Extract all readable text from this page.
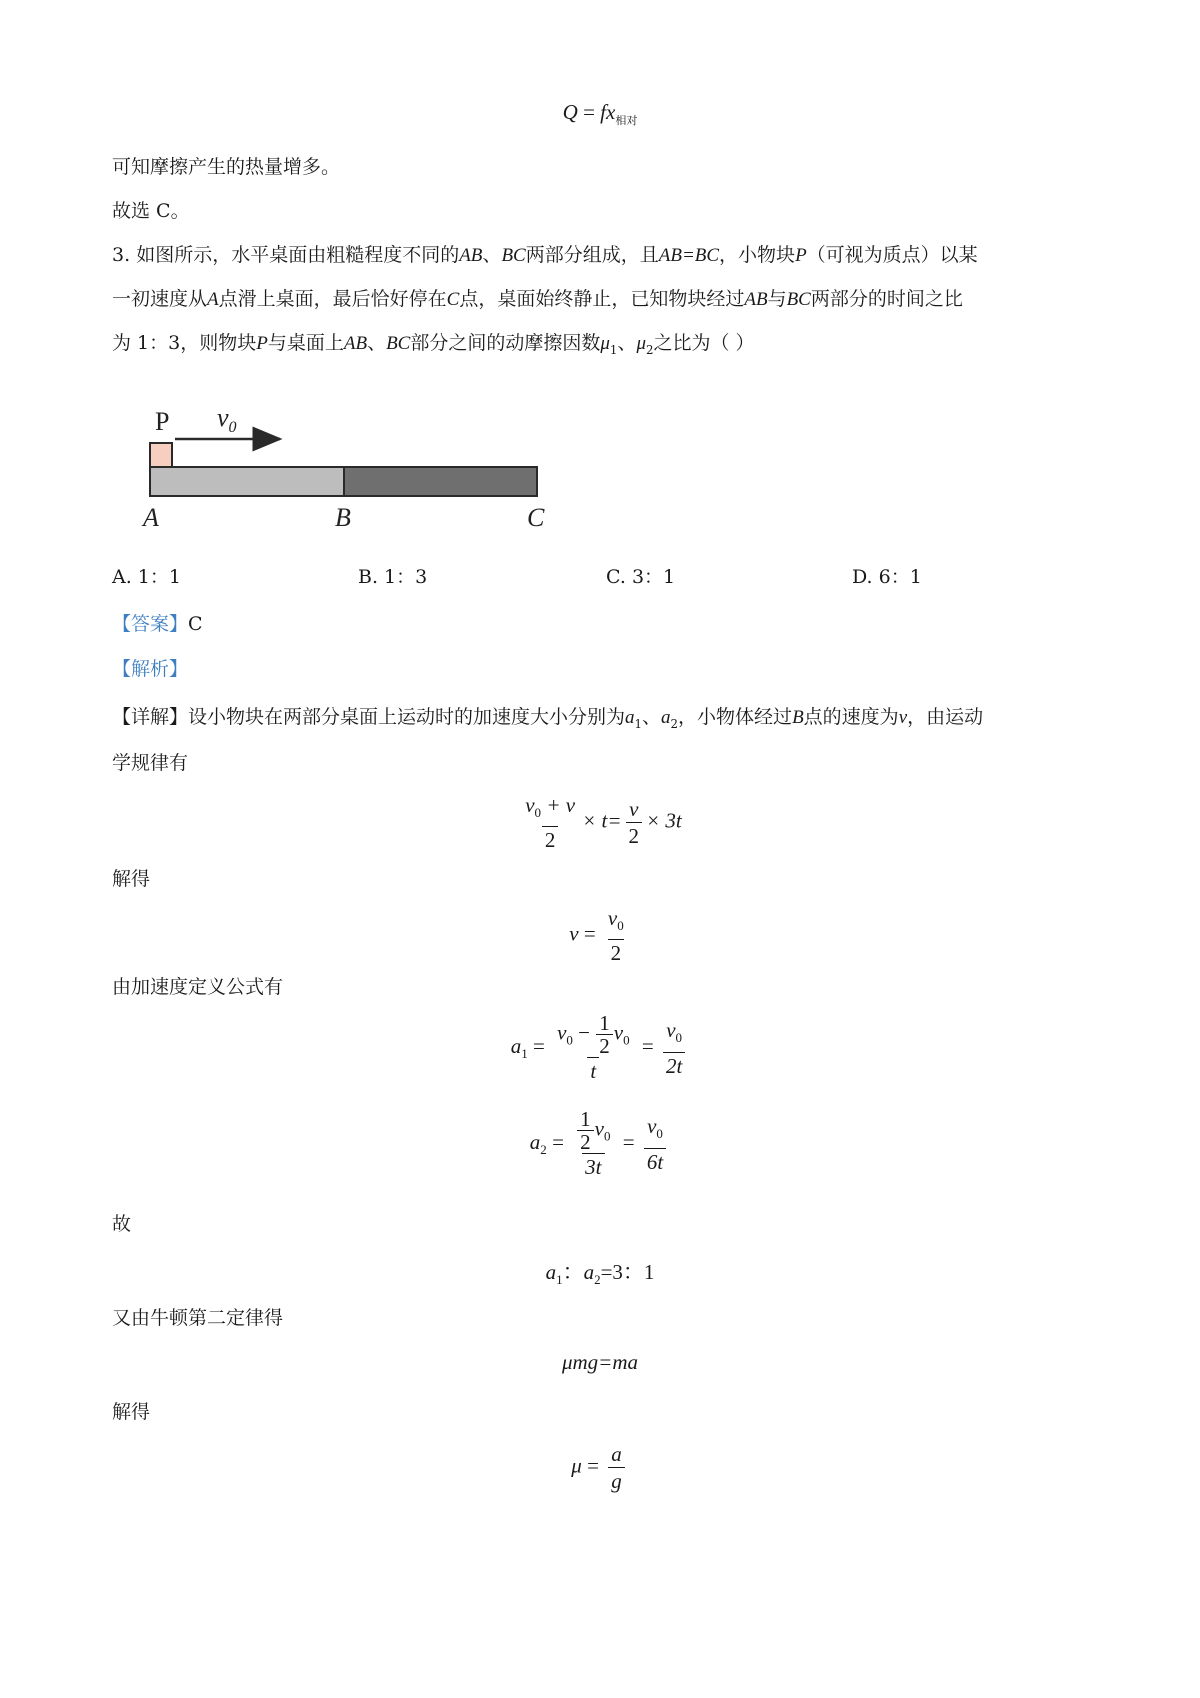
$Q = fx_{相对}$
可知摩擦产生的热量增多。
故选 C。
3. 如图所示，水平桌面由粗糙程度不同的AB、BC两部分组成，且AB=BC，小物块P（可视为质点）以某
一初速度从A点滑上桌面，最后恰好停在C点，桌面始终静止，已知物块经过AB与BC两部分的时间之比
为 1：3，则物块P与桌面上AB、BC部分之间的动摩擦因数$\mu_1$、$\mu_2$之比为（ ）
P $v_0$
A	B	C
A. 1：1	B. 1：3	C. 3：1	D. 6：1
【答案】C
【解析】
【详解】设小物块在两部分桌面上运动时的加速度大小分别为$a_1$、$a_2$，小物体经过B点的速度为v，由运动
学规律有
$\frac{v_0 + v}{2} \times t= \frac{v}{2} \times 3t$
解得
$v = \frac{v_0}{2}$
由加速度定义公式有
$a_1 = \frac{v_0 - \frac{1}{2} v_0}{t} = \frac{v_0}{2t}$
$a_2 = \frac{\frac{1}{2} v_0}{3t} = \frac{v_0}{6t}$
故
$a_1$：$a_2=3$：1
又由牛顿第二定律得
μmg=ma
解得
$\mu = \frac{a}{g}$
